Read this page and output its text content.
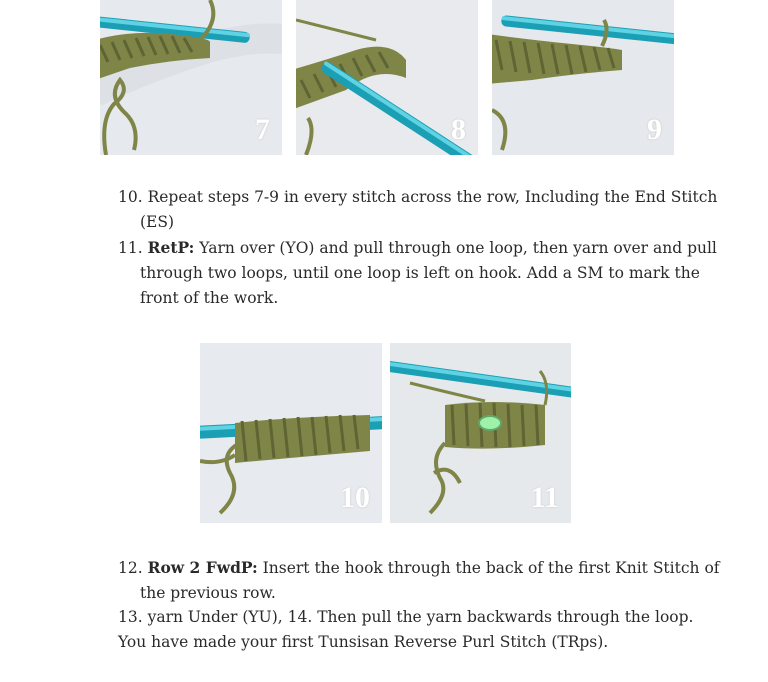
7	8	9

10. Repeat steps 7-9 in every stitch across the row, Including the End Stitch
(ES)

11. RetP: Yarn over (YO) and pull through one loop, then yarn over and pull
through two loops, until one loop is left on hook. Add a SM to mark the
front of the work.

10	11

12. Row 2 FwdP: Insert the hook through the back of the first Knit Stitch of
the previous row.

13. yarn Under (YU), 14. Then pull the yarn backwards through the loop.
You have made your first Tunsisan Reverse Purl Stitch (TRps).
